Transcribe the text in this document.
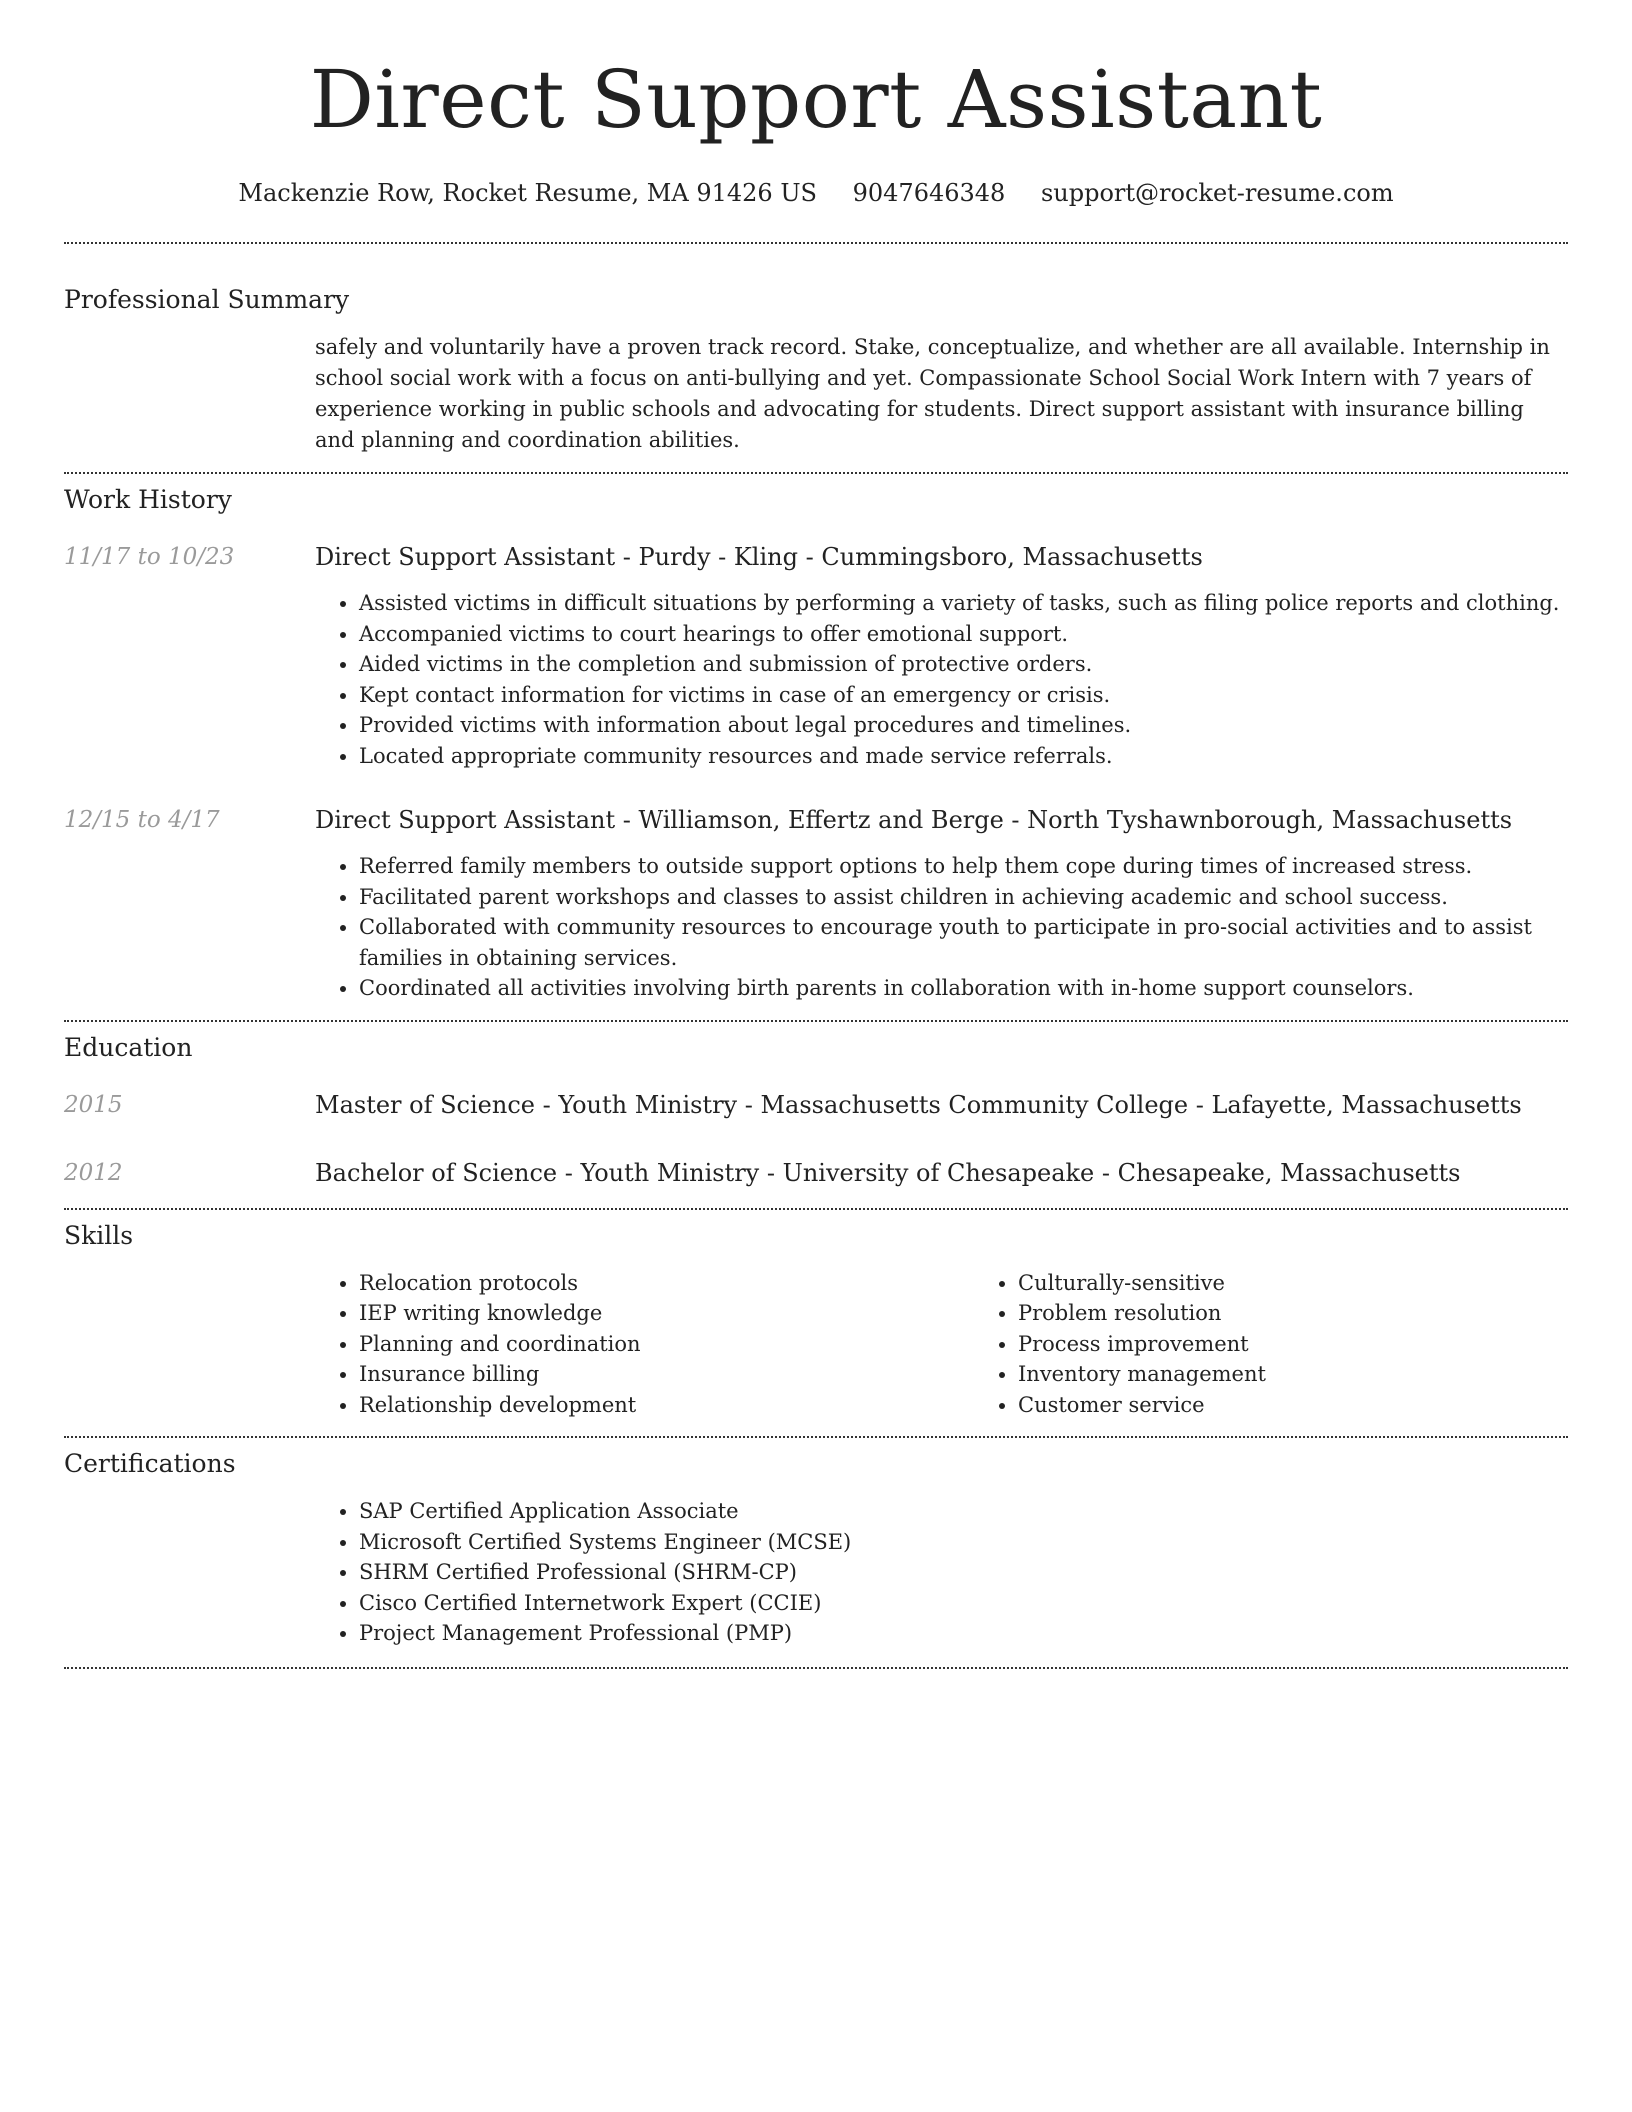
Direct Support Assistant
Mackenzie Row, Rocket Resume, MA 91426 US 9047646348 support@rocket-resume.com
Professional Summary

safely and voluntarily have a proven track record. Stake, conceptualize, and whether are all available. Internship in school social work with a focus on anti-bullying and yet. Compassionate School Social Work Intern with 7 years of experience working in public schools and advocating for students. Direct support assistant with insurance billing and planning and coordination abilities.

Work History
11/17 to 10/23	Direct Support Assistant - Purdy - Kling - Cummingsboro, Massachusetts

• Assisted victims in difficult situations by performing a variety of tasks, such as filing police reports and clothing.
• Accompanied victims to court hearings to offer emotional support.
• Aided victims in the completion and submission of protective orders.
• Kept contact information for victims in case of an emergency or crisis.
• Provided victims with information about legal procedures and timelines.
• Located appropriate community resources and made service referrals.
12/15 to 4/17	Direct Support Assistant - Williamson, Effertz and Berge - North Tyshawnborough, Massachusetts

• Referred family members to outside support options to help them cope during times of increased stress.
• Facilitated parent workshops and classes to assist children in achieving academic and school success.
• Collaborated with community resources to encourage youth to participate in pro-social activities and to assist families in obtaining services.
• Coordinated all activities involving birth parents in collaboration with in-home support counselors.
Education
2015	Master of Science - Youth Ministry - Massachusetts Community College - Lafayette, Massachusetts

2012	Bachelor of Science - Youth Ministry - University of Chesapeake - Chesapeake, Massachusetts

Skills
• Relocation protocols
• IEP writing knowledge
• Planning and coordination
• Insurance billing
• Relationship development
• Culturally-sensitive
• Problem resolution
• Process improvement
• Inventory management
• Customer service
Certifications
• SAP Certified Application Associate
• Microsoft Certified Systems Engineer (MCSE)
• SHRM Certified Professional (SHRM-CP)
• Cisco Certified Internetwork Expert (CCIE)
• Project Management Professional (PMP)
